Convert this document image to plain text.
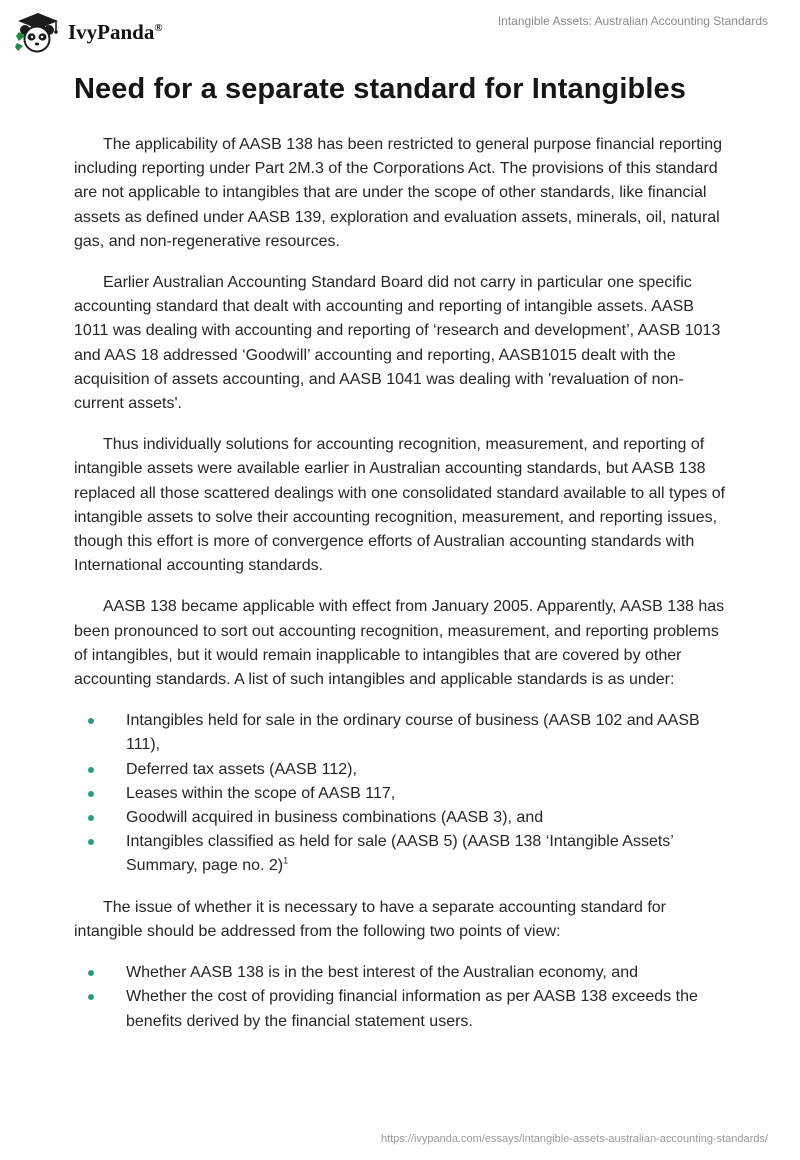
IvyPanda®	Intangible Assets: Australian Accounting Standards
Need for a separate standard for Intangibles

The applicability of AASB 138 has been restricted to general purpose financial reporting including reporting under Part 2M.3 of the Corporations Act. The provisions of this standard are not applicable to intangibles that are under the scope of other standards, like financial assets as defined under AASB 139, exploration and evaluation assets, minerals, oil, natural gas, and non-regenerative resources.

Earlier Australian Accounting Standard Board did not carry in particular one specific accounting standard that dealt with accounting and reporting of intangible assets. AASB 1011 was dealing with accounting and reporting of ‘research and development’, AASB 1013 and AAS 18 addressed ‘Goodwill’ accounting and reporting, AASB1015 dealt with the acquisition of assets accounting, and AASB 1041 was dealing with 'revaluation of non-current assets'.

Thus individually solutions for accounting recognition, measurement, and reporting of intangible assets were available earlier in Australian accounting standards, but AASB 138 replaced all those scattered dealings with one consolidated standard available to all types of intangible assets to solve their accounting recognition, measurement, and reporting issues, though this effort is more of convergence efforts of Australian accounting standards with International accounting standards.

AASB 138 became applicable with effect from January 2005. Apparently, AASB 138 has been pronounced to sort out accounting recognition, measurement, and reporting problems of intangibles, but it would remain inapplicable to intangibles that are covered by other accounting standards. A list of such intangibles and applicable standards is as under:

Intangibles held for sale in the ordinary course of business (AASB 102 and AASB 111),
Deferred tax assets (AASB 112),
Leases within the scope of AASB 117,
Goodwill acquired in business combinations (AASB 3), and
Intangibles classified as held for sale (AASB 5) (AASB 138 ‘Intangible Assets’ Summary, page no. 2)$^1$

The issue of whether it is necessary to have a separate accounting standard for intangible should be addressed from the following two points of view:

Whether AASB 138 is in the best interest of the Australian economy, and
Whether the cost of providing financial information as per AASB 138 exceeds the benefits derived by the financial statement users.
https://ivypanda.com/essays/intangible-assets-australian-accounting-standards/
